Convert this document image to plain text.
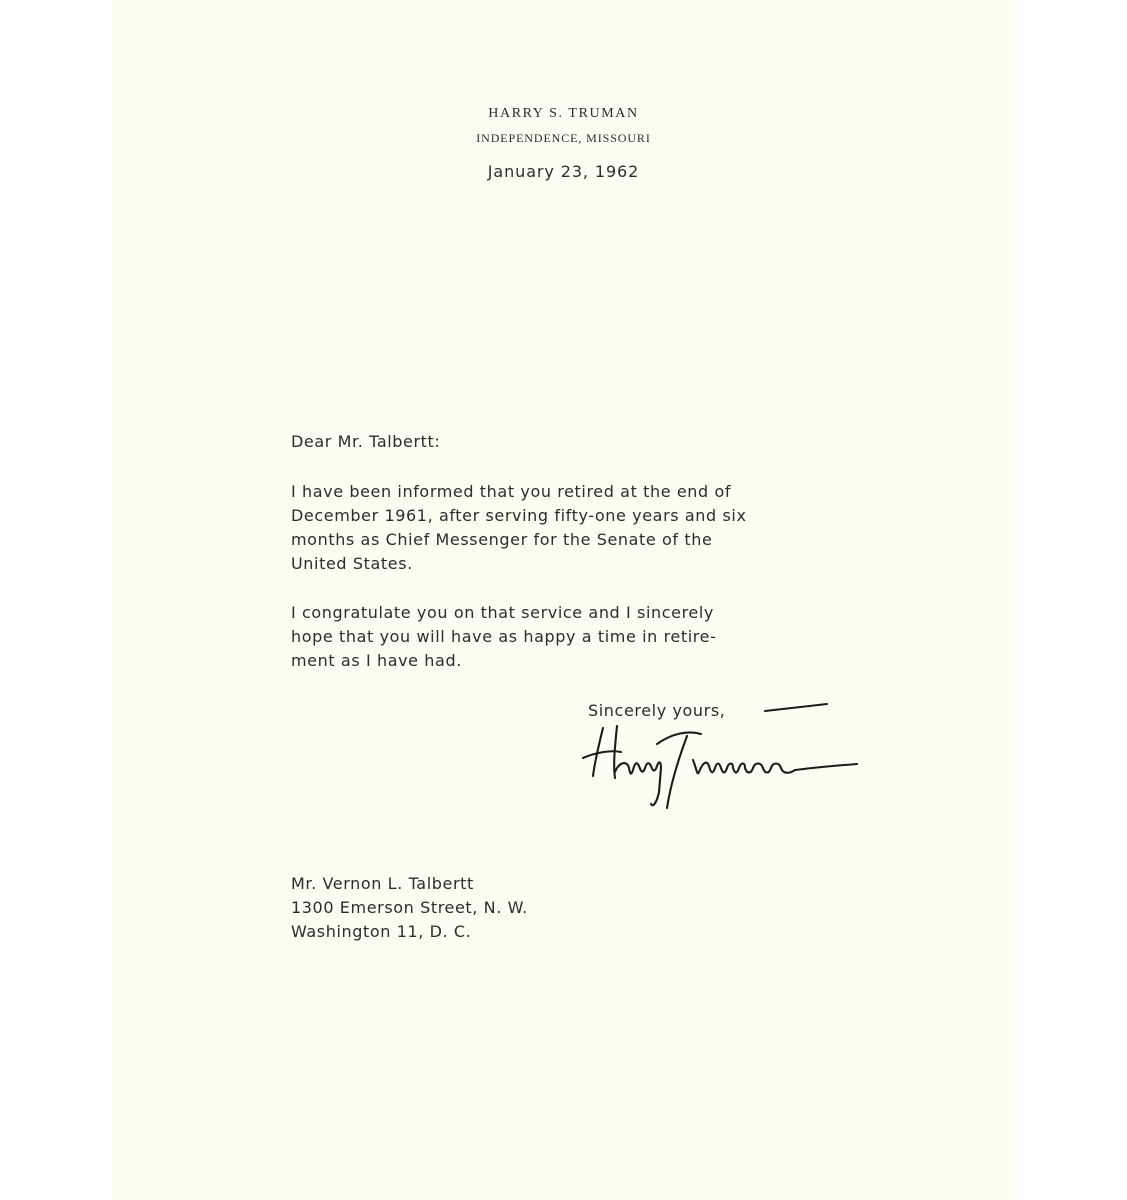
HARRY S. TRUMAN
INDEPENDENCE, MISSOURI
January 23, 1962
Dear Mr. Talbertt:
I have been informed that you retired at the end of
December 1961, after serving fifty-one years and six
months as Chief Messenger for the Senate of the
United States.
I congratulate you on that service and I sincerely
hope that you will have as happy a time in retire-
ment as I have had.
Sincerely yours,
Mr. Vernon L. Talbertt
1300 Emerson Street, N. W.
Washington 11, D. C.
